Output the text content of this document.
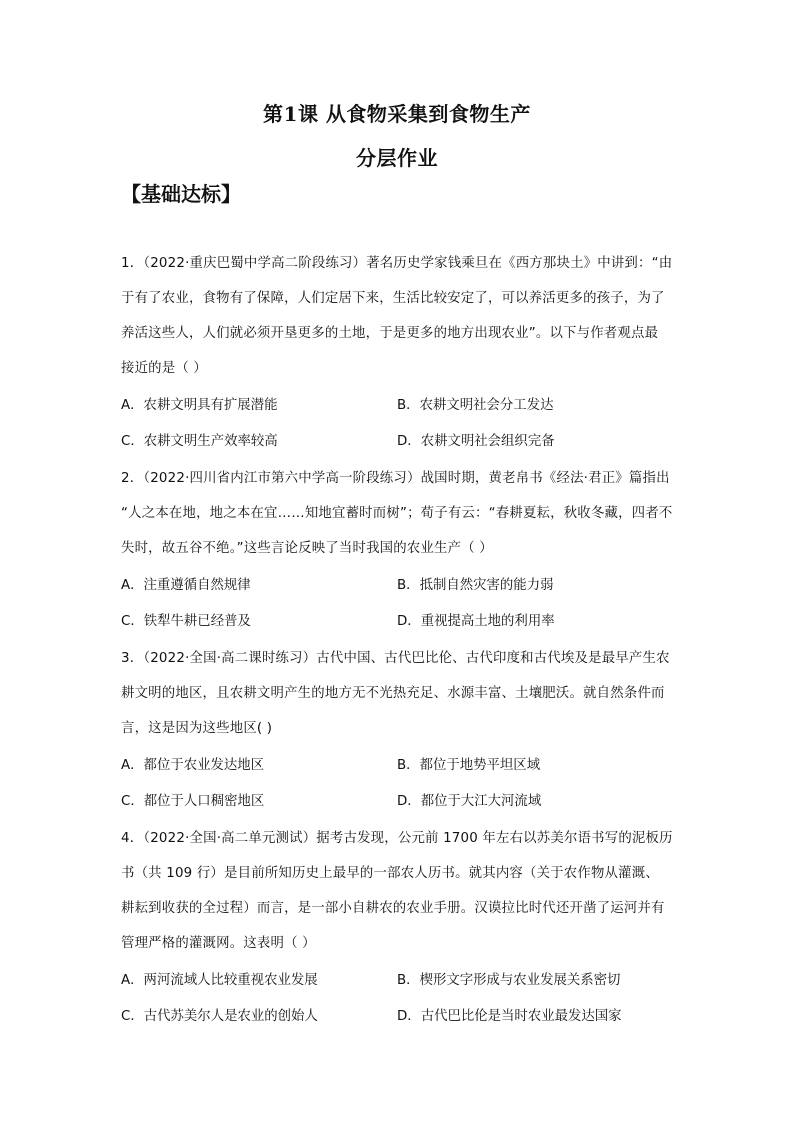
第1课 从食物采集到食物生产
分层作业
【基础达标】
1．（2022·重庆巴蜀中学高二阶段练习）著名历史学家钱乘旦在《西方那块土》中讲到：“由
于有了农业，食物有了保障，人们定居下来，生活比较安定了，可以养活更多的孩子，为了
养活这些人，人们就必须开垦更多的土地，于是更多的地方出现农业”。以下与作者观点最
接近的是（ ）
A．农耕文明具有扩展潜能	B．农耕文明社会分工发达
C．农耕文明生产效率较高	D．农耕文明社会组织完备
2．（2022·四川省内江市第六中学高一阶段练习）战国时期，黄老帛书《经法·君正》篇指出
“人之本在地，地之本在宜……知地宜蓄时而树”；荀子有云：“春耕夏耘，秋收冬藏，四者不
失时，故五谷不绝。”这些言论反映了当时我国的农业生产（ ）
A．注重遵循自然规律	B．抵制自然灾害的能力弱
C．铁犁牛耕已经普及	D．重视提高土地的利用率
3．（2022·全国·高二课时练习）古代中国、古代巴比伦、古代印度和古代埃及是最早产生农
耕文明的地区，且农耕文明产生的地方无不光热充足、水源丰富、土壤肥沃。就自然条件而
言，这是因为这些地区( )
A．都位于农业发达地区	B．都位于地势平坦区域
C．都位于人口稠密地区	D．都位于大江大河流域
4．（2022·全国·高二单元测试）据考古发现，公元前 1700 年左右以苏美尔语书写的泥板历
书（共 109 行）是目前所知历史上最早的一部农人历书。就其内容（关于农作物从灌溉、
耕耘到收获的全过程）而言，是一部小自耕农的农业手册。汉谟拉比时代还开凿了运河并有
管理严格的灌溉网。这表明（ ）
A．两河流域人比较重视农业发展	B．楔形文字形成与农业发展关系密切
C．古代苏美尔人是农业的创始人	D．古代巴比伦是当时农业最发达国家
